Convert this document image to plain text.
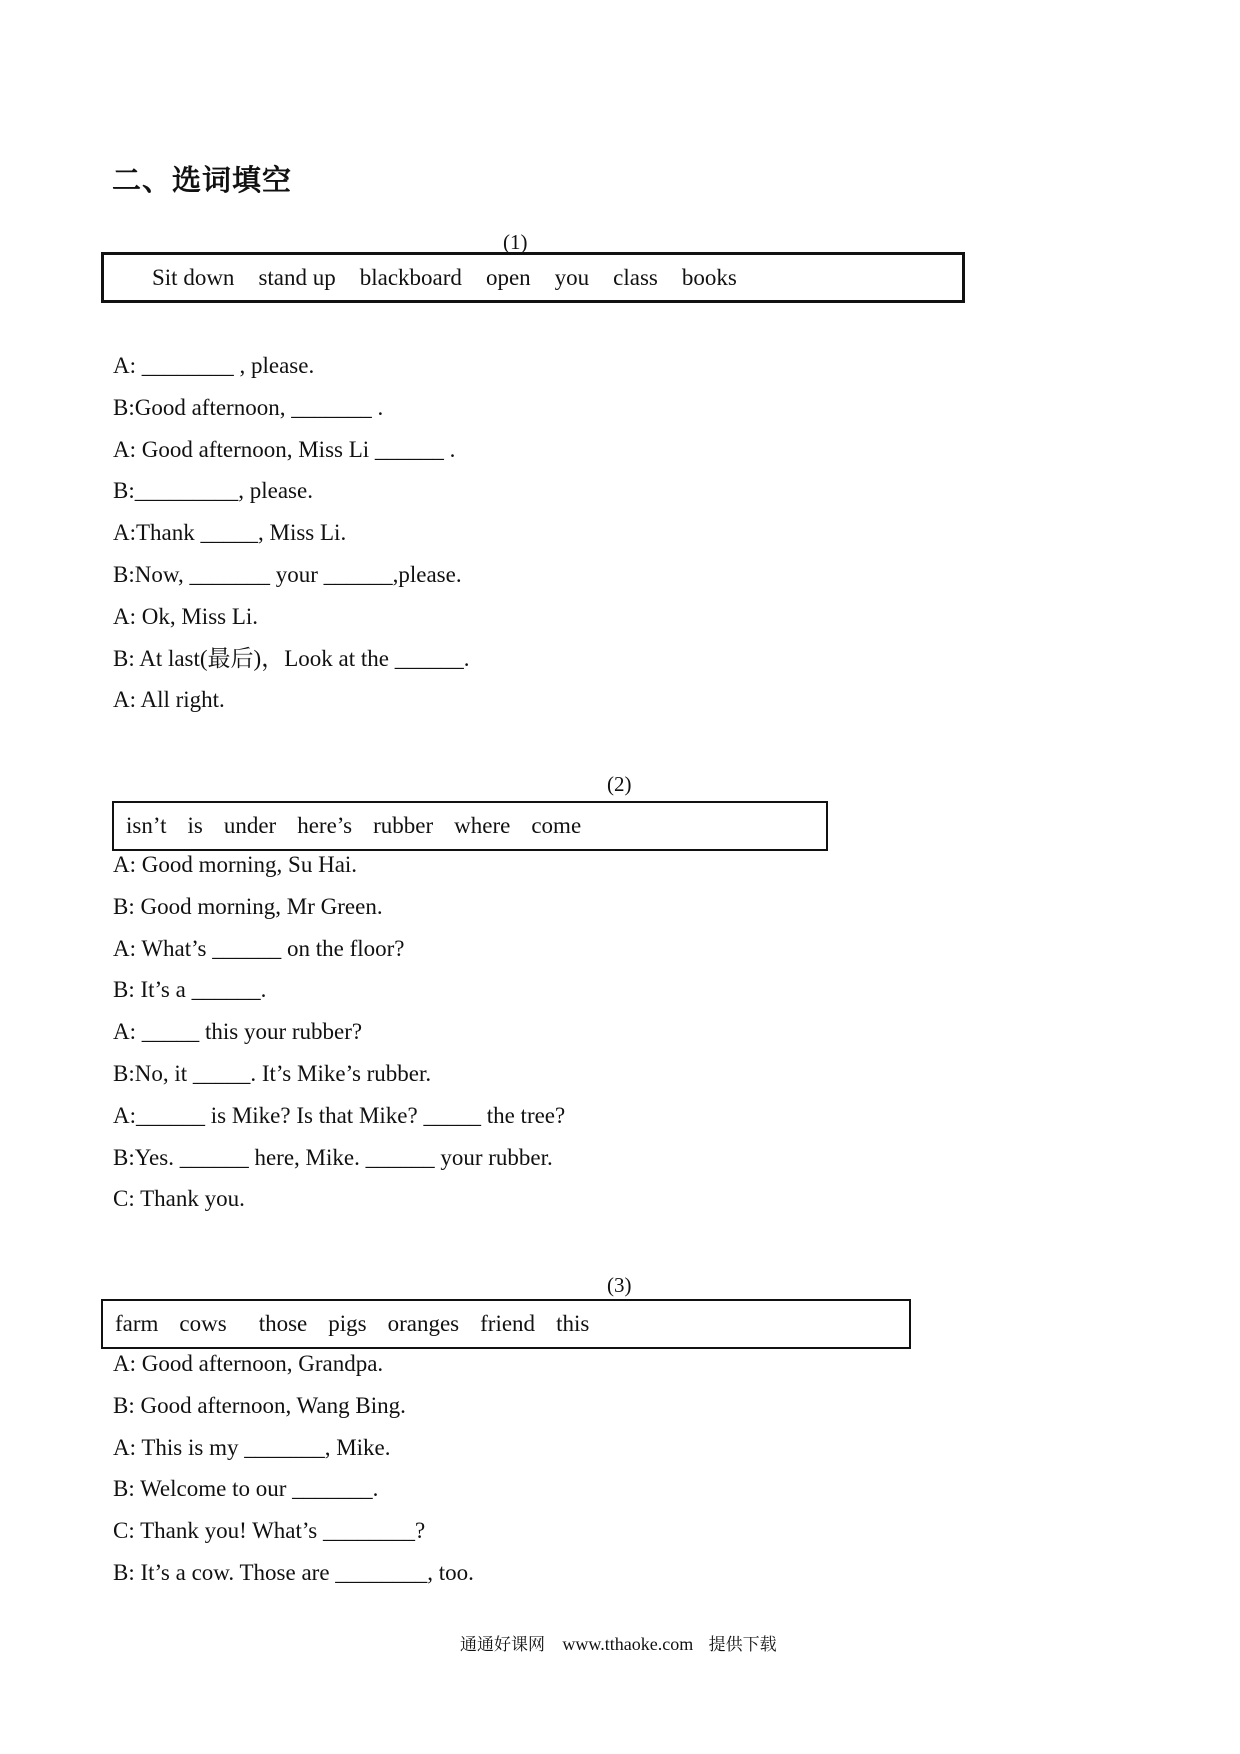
二、选词填空
(1)
Sit down stand up blackboard open you class books
A: ________ , please.
B:Good afternoon, _______ .
A: Good afternoon, Miss Li ______ .
B:_________, please.
A:Thank _____, Miss Li.
B:Now, _______ your ______,please.
A: Ok, Miss Li.
B: At last(最后)，Look at the ______.
A: All right.
(2)
isn’t is under here’s rubber where come
A: Good morning, Su Hai.
B: Good morning, Mr Green.
A: What’s ______ on the floor?
B: It’s a ______.
A: _____ this your rubber?
B:No, it _____. It’s Mike’s rubber.
A:______ is Mike? Is that Mike? _____ the tree?
B:Yes. ______ here, Mike. ______ your rubber.
C: Thank you.
(3)
farm cows those pigs oranges friend this
A: Good afternoon, Grandpa.
B: Good afternoon, Wang Bing.
A: This is my _______, Mike.
B: Welcome to our _______.
C: Thank you! What’s ________?
B: It’s a cow. Those are ________, too.
通通好课网 www.tthaoke.com 提供下载
